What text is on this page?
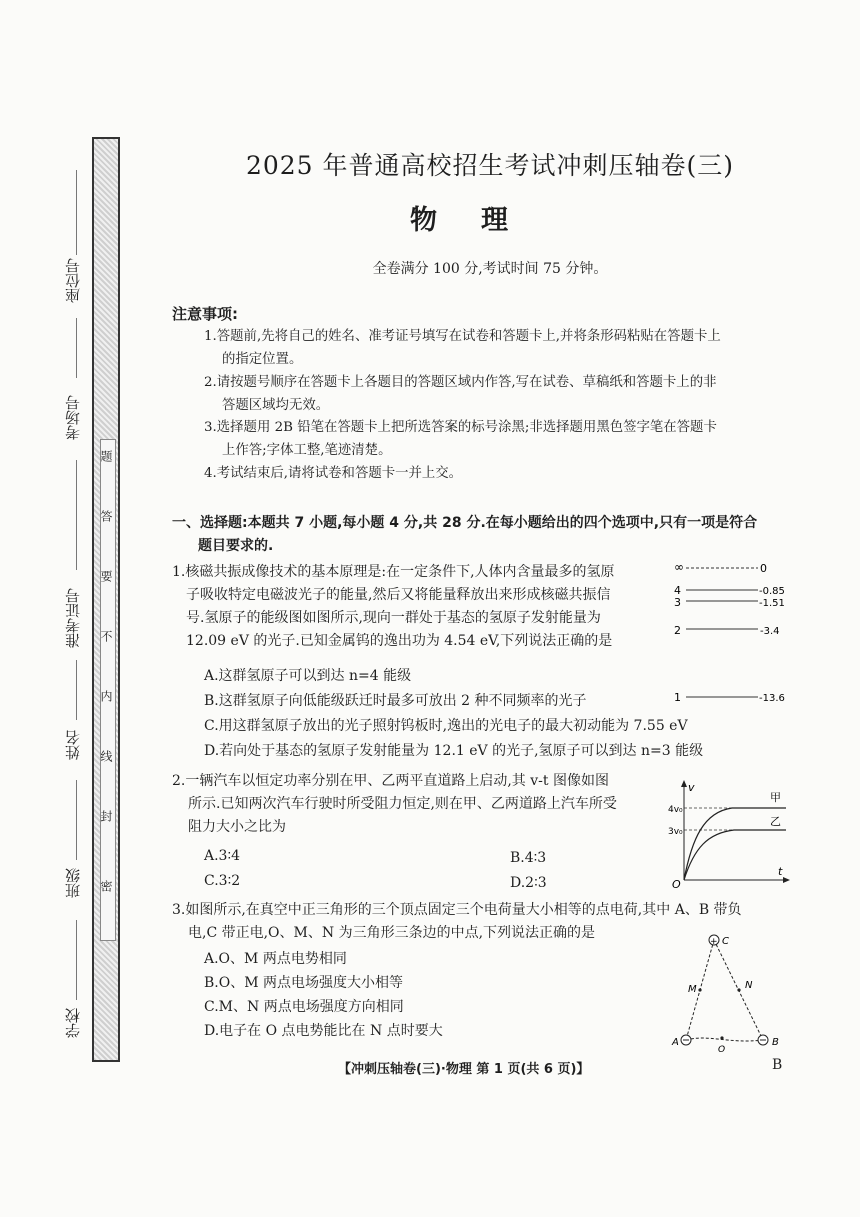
题
答
要
不
内
线
封
密
座位号
考场号
准考证号
姓名
班级
学校
2025 年普通高校招生考试冲刺压轴卷(三)
物理
全卷满分 100 分,考试时间 75 分钟。
注意事项:
1.答题前,先将自己的姓名、准考证号填写在试卷和答题卡上,并将条形码粘贴在答题卡上
的指定位置。
2.请按题号顺序在答题卡上各题目的答题区域内作答,写在试卷、草稿纸和答题卡上的非
答题区域均无效。
3.选择题用 2B 铅笔在答题卡上把所选答案的标号涂黑;非选择题用黑色签字笔在答题卡
上作答;字体工整,笔迹清楚。
4.考试结束后,请将试卷和答题卡一并上交。
一、选择题:本题共 7 小题,每小题 4 分,共 28 分.在每小题给出的四个选项中,只有一项是符合
题目要求的.
1.核磁共振成像技术的基本原理是:在一定条件下,人体内含量最多的氢原
子吸收特定电磁波光子的能量,然后又将能量释放出来形成核磁共振信
号.氢原子的能级图如图所示,现向一群处于基态的氢原子发射能量为
12.09 eV 的光子.已知金属钨的逸出功为 4.54 eV,下列说法正确的是
A.这群氢原子可以到达 n=4 能级
B.这群氢原子向低能级跃迁时最多可放出 2 种不同频率的光子
C.用这群氢原子放出的光子照射钨板时,逸出的光电子的最大初动能为 7.55 eV
D.若向处于基态的氢原子发射能量为 12.1 eV 的光子,氢原子可以到达 n=3 能级
∞	0
4	-0.85
3	-1.51
2	-3.4
1	-13.6
2.一辆汽车以恒定功率分别在甲、乙两平直道路上启动,其 v-t 图像如图
所示.已知两次汽车行驶时所受阻力恒定,则在甲、乙两道路上汽车所受
阻力大小之比为
A.3∶4	B.4∶3
C.3∶2	D.2∶3
v
t
O
4v₀
3v₀
甲
乙
3.如图所示,在真空中正三角形的三个顶点固定三个电荷量大小相等的点电荷,其中 A、B 带负
电,C 带正电,O、M、N 为三角形三条边的中点,下列说法正确的是
A.O、M 两点电势相同
B.O、M 两点电场强度大小相等
C.M、N 两点电场强度方向相同
D.电子在 O 点电势能比在 N 点时要大
+ C
A	B
M	N
O
【冲刺压轴卷(三)·物理 第 1 页(共 6 页)】	B
